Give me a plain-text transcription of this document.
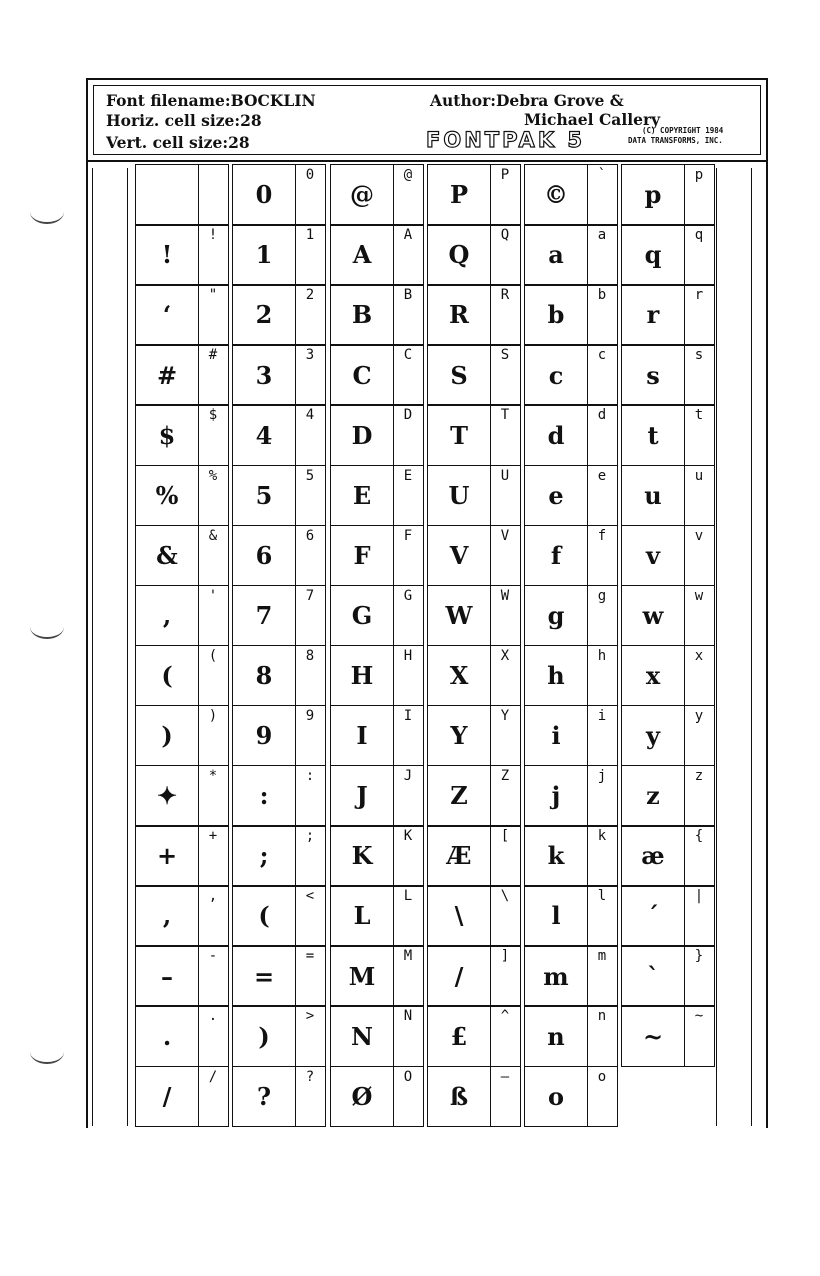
Font filename:BOCKLIN
Horiz. cell size:28
Vert. cell size:28
Author:Debra Grove &
Michael Callery
FONTPAK 5	(C) COPYRIGHT 1984
DATA TRANSFORMS, INC.
!
!
‘
"
#
#
$
$
%
%
&
&
,
'
(
(
)
)
✦
*
+
+
,
,
–
-
.
.
/
/
0
0
1
1
2
2
3
3
4
4
5
5
6
6
7
7
8
8
9
9
:
:
;
;
(
<
=
=
)
>
?
?
@
@
A
A
B
B
C
C
D
D
E
E
F
F
G
G
H
H
I
I
J
J
K
K
L
L
M
M
N
N
Ø
O
P
P
Q
Q
R
R
S
S
T
T
U
U
V
V
W
W
X
X
Y
Y
Z
Z
Æ
[
\
\
/
]
£
^
ß
—
©
`
a
a
b
b
c
c
d
d
e
e
f
f
g
g
h
h
i
i
j
j
k
k
l
l
m
m
n
n
o
o
p
p
q
q
r
r
s
s
t
t
u
u
v
v
w
w
x
x
y
y
z
z
æ
{
´
|
`
}
~
~
